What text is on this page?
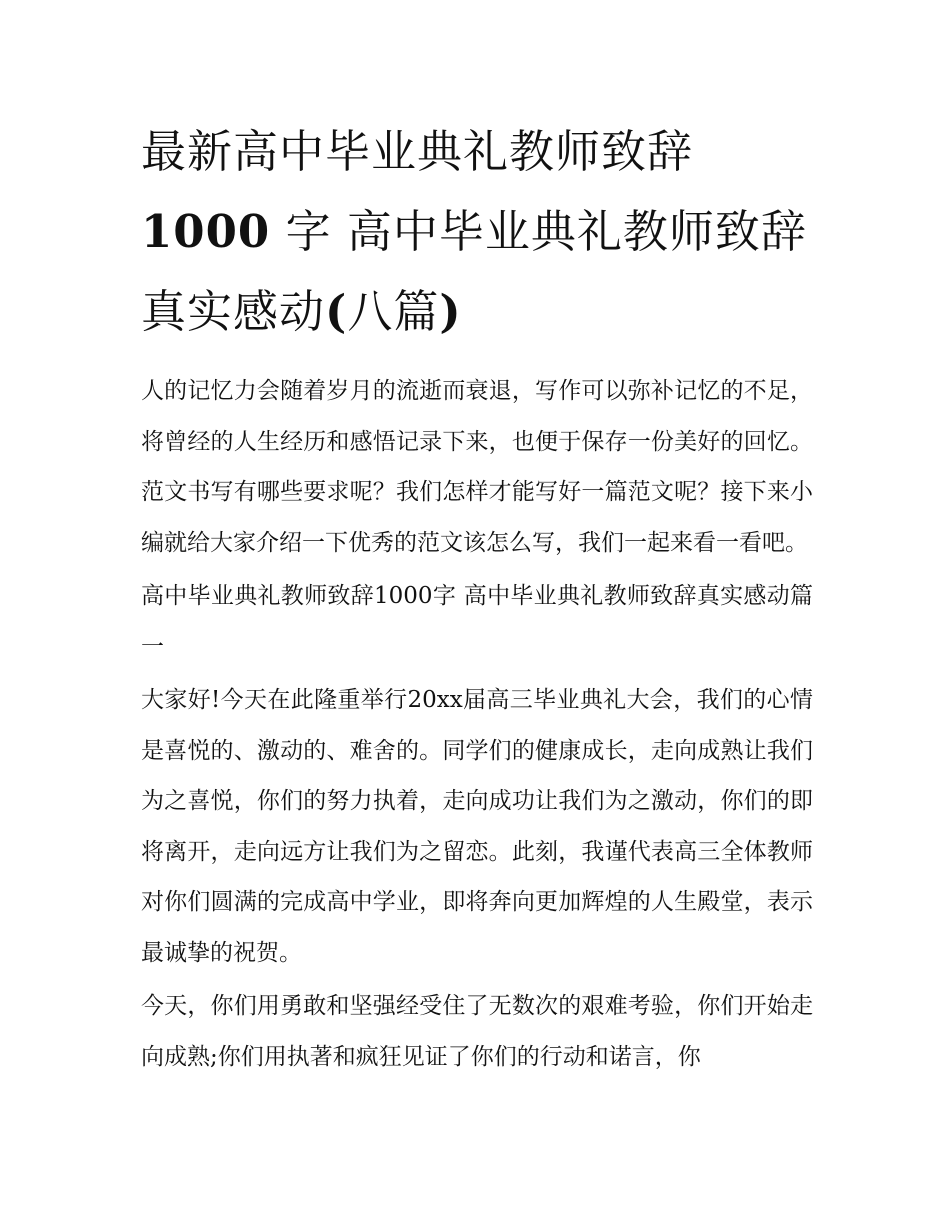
最新高中毕业典礼教师致辞
1000 字 高中毕业典礼教师致辞真实感动(八篇)

人的记忆力会随着岁月的流逝而衰退，写作可以弥补记忆的不足，将曾经的人生经历和感悟记录下来，也便于保存一份美好的回忆。范文书写有哪些要求呢？我们怎样才能写好一篇范文呢？接下来小编就给大家介绍一下优秀的范文该怎么写，我们一起来看一看吧。

高中毕业典礼教师致辞1000字 高中毕业典礼教师致辞真实感动篇一

大家好!今天在此隆重举行20xx届高三毕业典礼大会，我们的心情是喜悦的、激动的、难舍的。同学们的健康成长，走向成熟让我们为之喜悦，你们的努力执着，走向成功让我们为之激动，你们的即将离开，走向远方让我们为之留恋。此刻，我谨代表高三全体教师对你们圆满的完成高中学业，即将奔向更加辉煌的人生殿堂，表示最诚挚的祝贺。

今天，你们用勇敢和坚强经受住了无数次的艰难考验，你们开始走向成熟;你们用执著和疯狂见证了你们的行动和诺言，你
